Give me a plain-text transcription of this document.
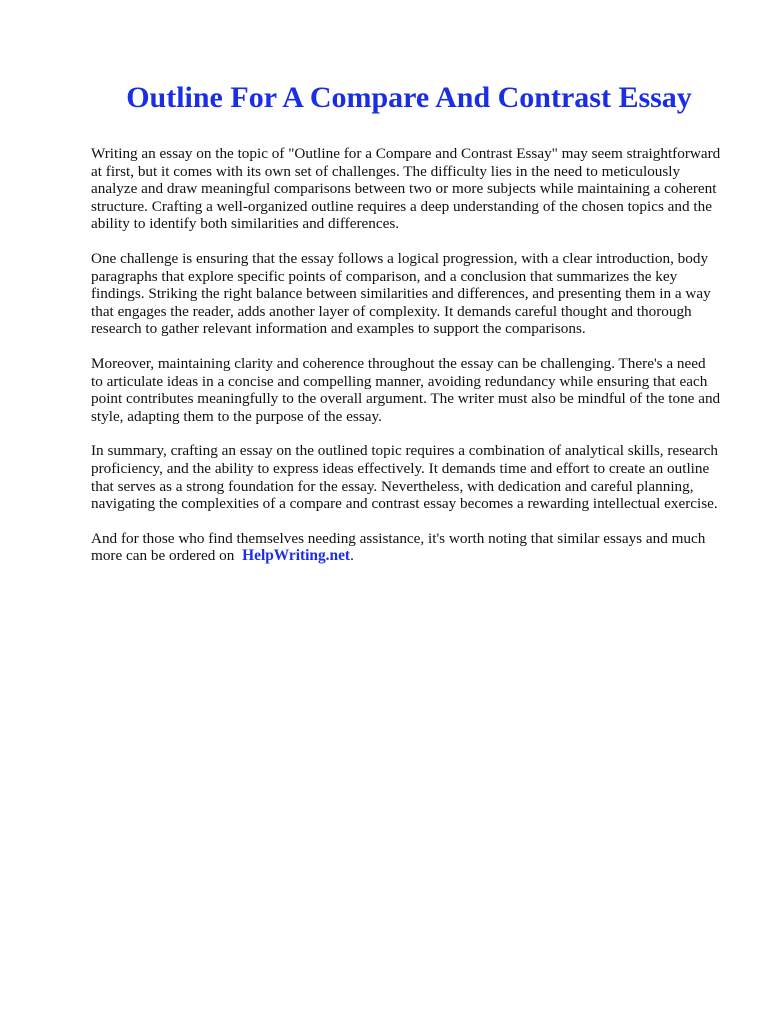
Outline For A Compare And Contrast Essay

Writing an essay on the topic of "Outline for a Compare and Contrast Essay" may seem straightforward at first, but it comes with its own set of challenges. The difficulty lies in the need to meticulously analyze and draw meaningful comparisons between two or more subjects while maintaining a coherent structure. Crafting a well-organized outline requires a deep understanding of the chosen topics and the ability to identify both similarities and differences.

One challenge is ensuring that the essay follows a logical progression, with a clear introduction, body paragraphs that explore specific points of comparison, and a conclusion that summarizes the key findings. Striking the right balance between similarities and differences, and presenting them in a way that engages the reader, adds another layer of complexity. It demands careful thought and thorough research to gather relevant information and examples to support the comparisons.

Moreover, maintaining clarity and coherence throughout the essay can be challenging. There's a need to articulate ideas in a concise and compelling manner, avoiding redundancy while ensuring that each point contributes meaningfully to the overall argument. The writer must also be mindful of the tone and style, adapting them to the purpose of the essay.

In summary, crafting an essay on the outlined topic requires a combination of analytical skills, research proficiency, and the ability to express ideas effectively. It demands time and effort to create an outline that serves as a strong foundation for the essay. Nevertheless, with dedication and careful planning, navigating the complexities of a compare and contrast essay becomes a rewarding intellectual exercise.

And for those who find themselves needing assistance, it's worth noting that similar essays and much more can be ordered on HelpWriting.net.
